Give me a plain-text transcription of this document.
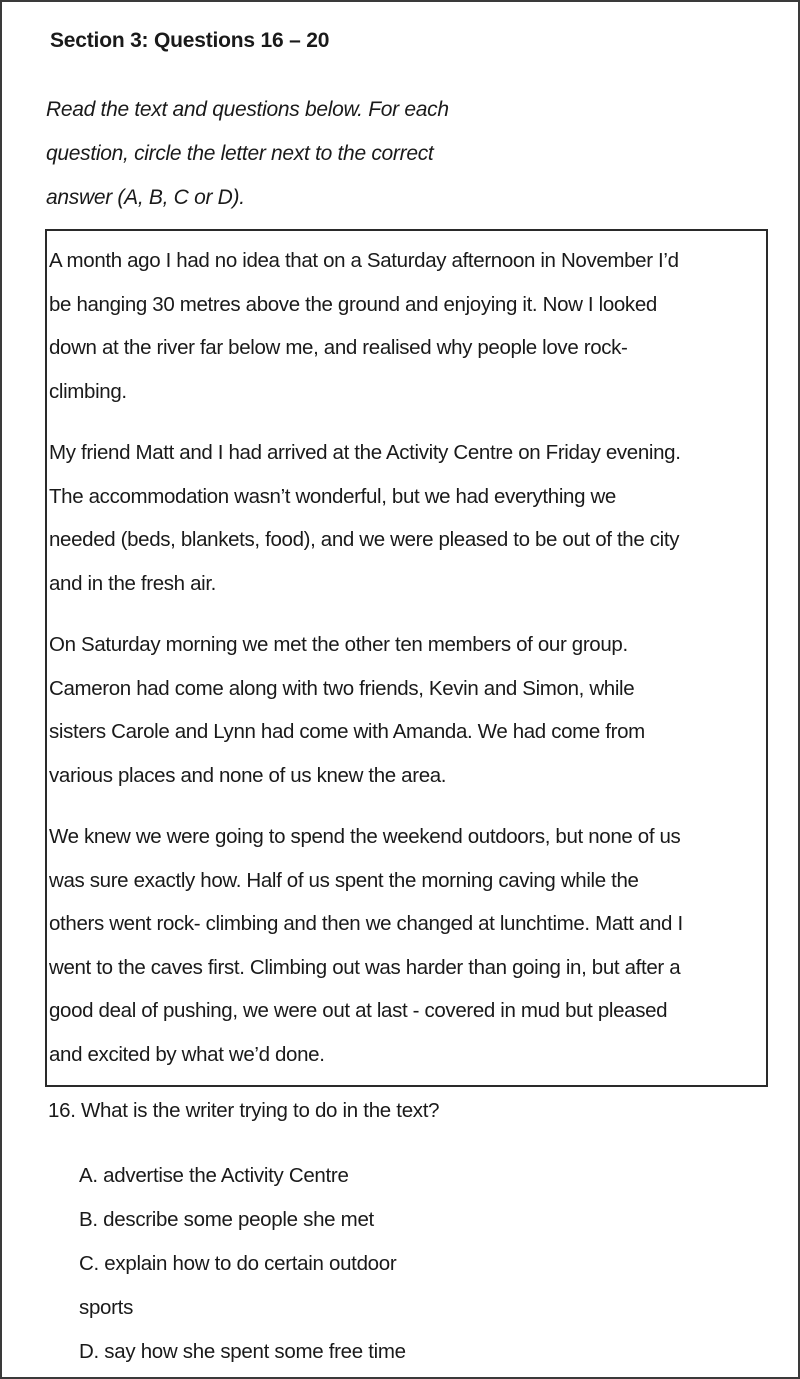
Section 3: Questions 16 – 20
Read the text and questions below. For each
question, circle the letter next to the correct
answer (A, B, C or D).

A month ago I had no idea that on a Saturday afternoon in November I’d
be hanging 30 metres above the ground and enjoying it. Now I looked
down at the river far below me, and realised why people love rock-
climbing.

My friend Matt and I had arrived at the Activity Centre on Friday evening.
The accommodation wasn’t wonderful, but we had everything we
needed (beds, blankets, food), and we were pleased to be out of the city
and in the fresh air.

On Saturday morning we met the other ten members of our group.
Cameron had come along with two friends, Kevin and Simon, while
sisters Carole and Lynn had come with Amanda. We had come from
various places and none of us knew the area.

We knew we were going to spend the weekend outdoors, but none of us
was sure exactly how. Half of us spent the morning caving while the
others went rock- climbing and then we changed at lunchtime. Matt and I
went to the caves first. Climbing out was harder than going in, but after a
good deal of pushing, we were out at last - covered in mud but pleased
and excited by what we’d done.

16. What is the writer trying to do in the text?
A. advertise the Activity Centre
B. describe some people she met
C. explain how to do certain outdoor
sports
D. say how she spent some free time
